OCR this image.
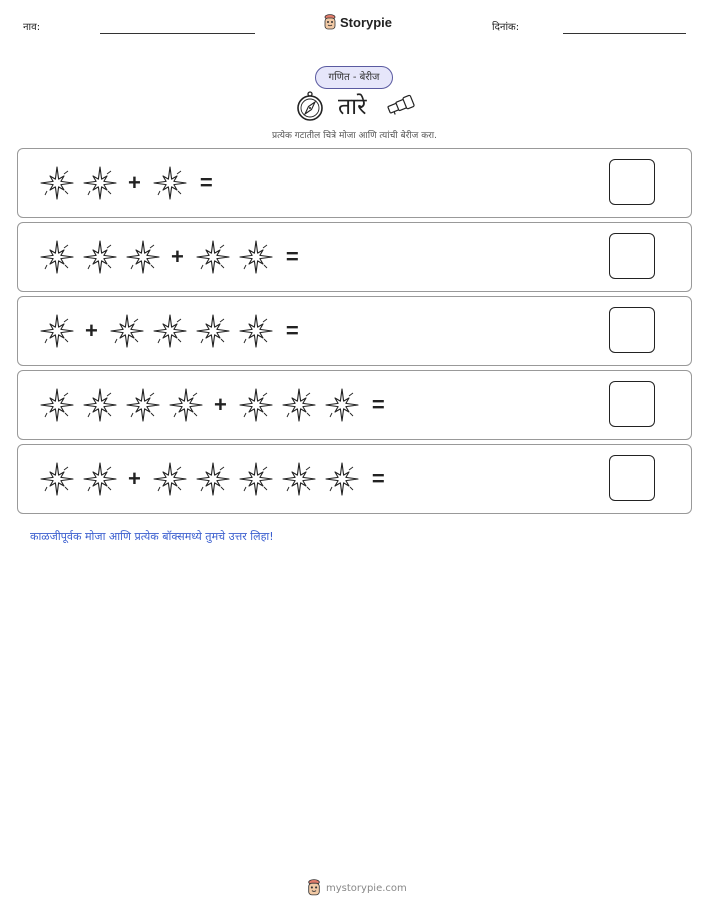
नाव:	Storypie	दिनांक:
गणित - बेरीज
तारे
प्रत्येक गटातील चित्रे मोजा आणि त्यांची बेरीज करा.
+	=
+	=
+	=
+	=
+	=
काळजीपूर्वक मोजा आणि प्रत्येक बॉक्समध्ये तुमचे उत्तर लिहा!
mystorypie.com
